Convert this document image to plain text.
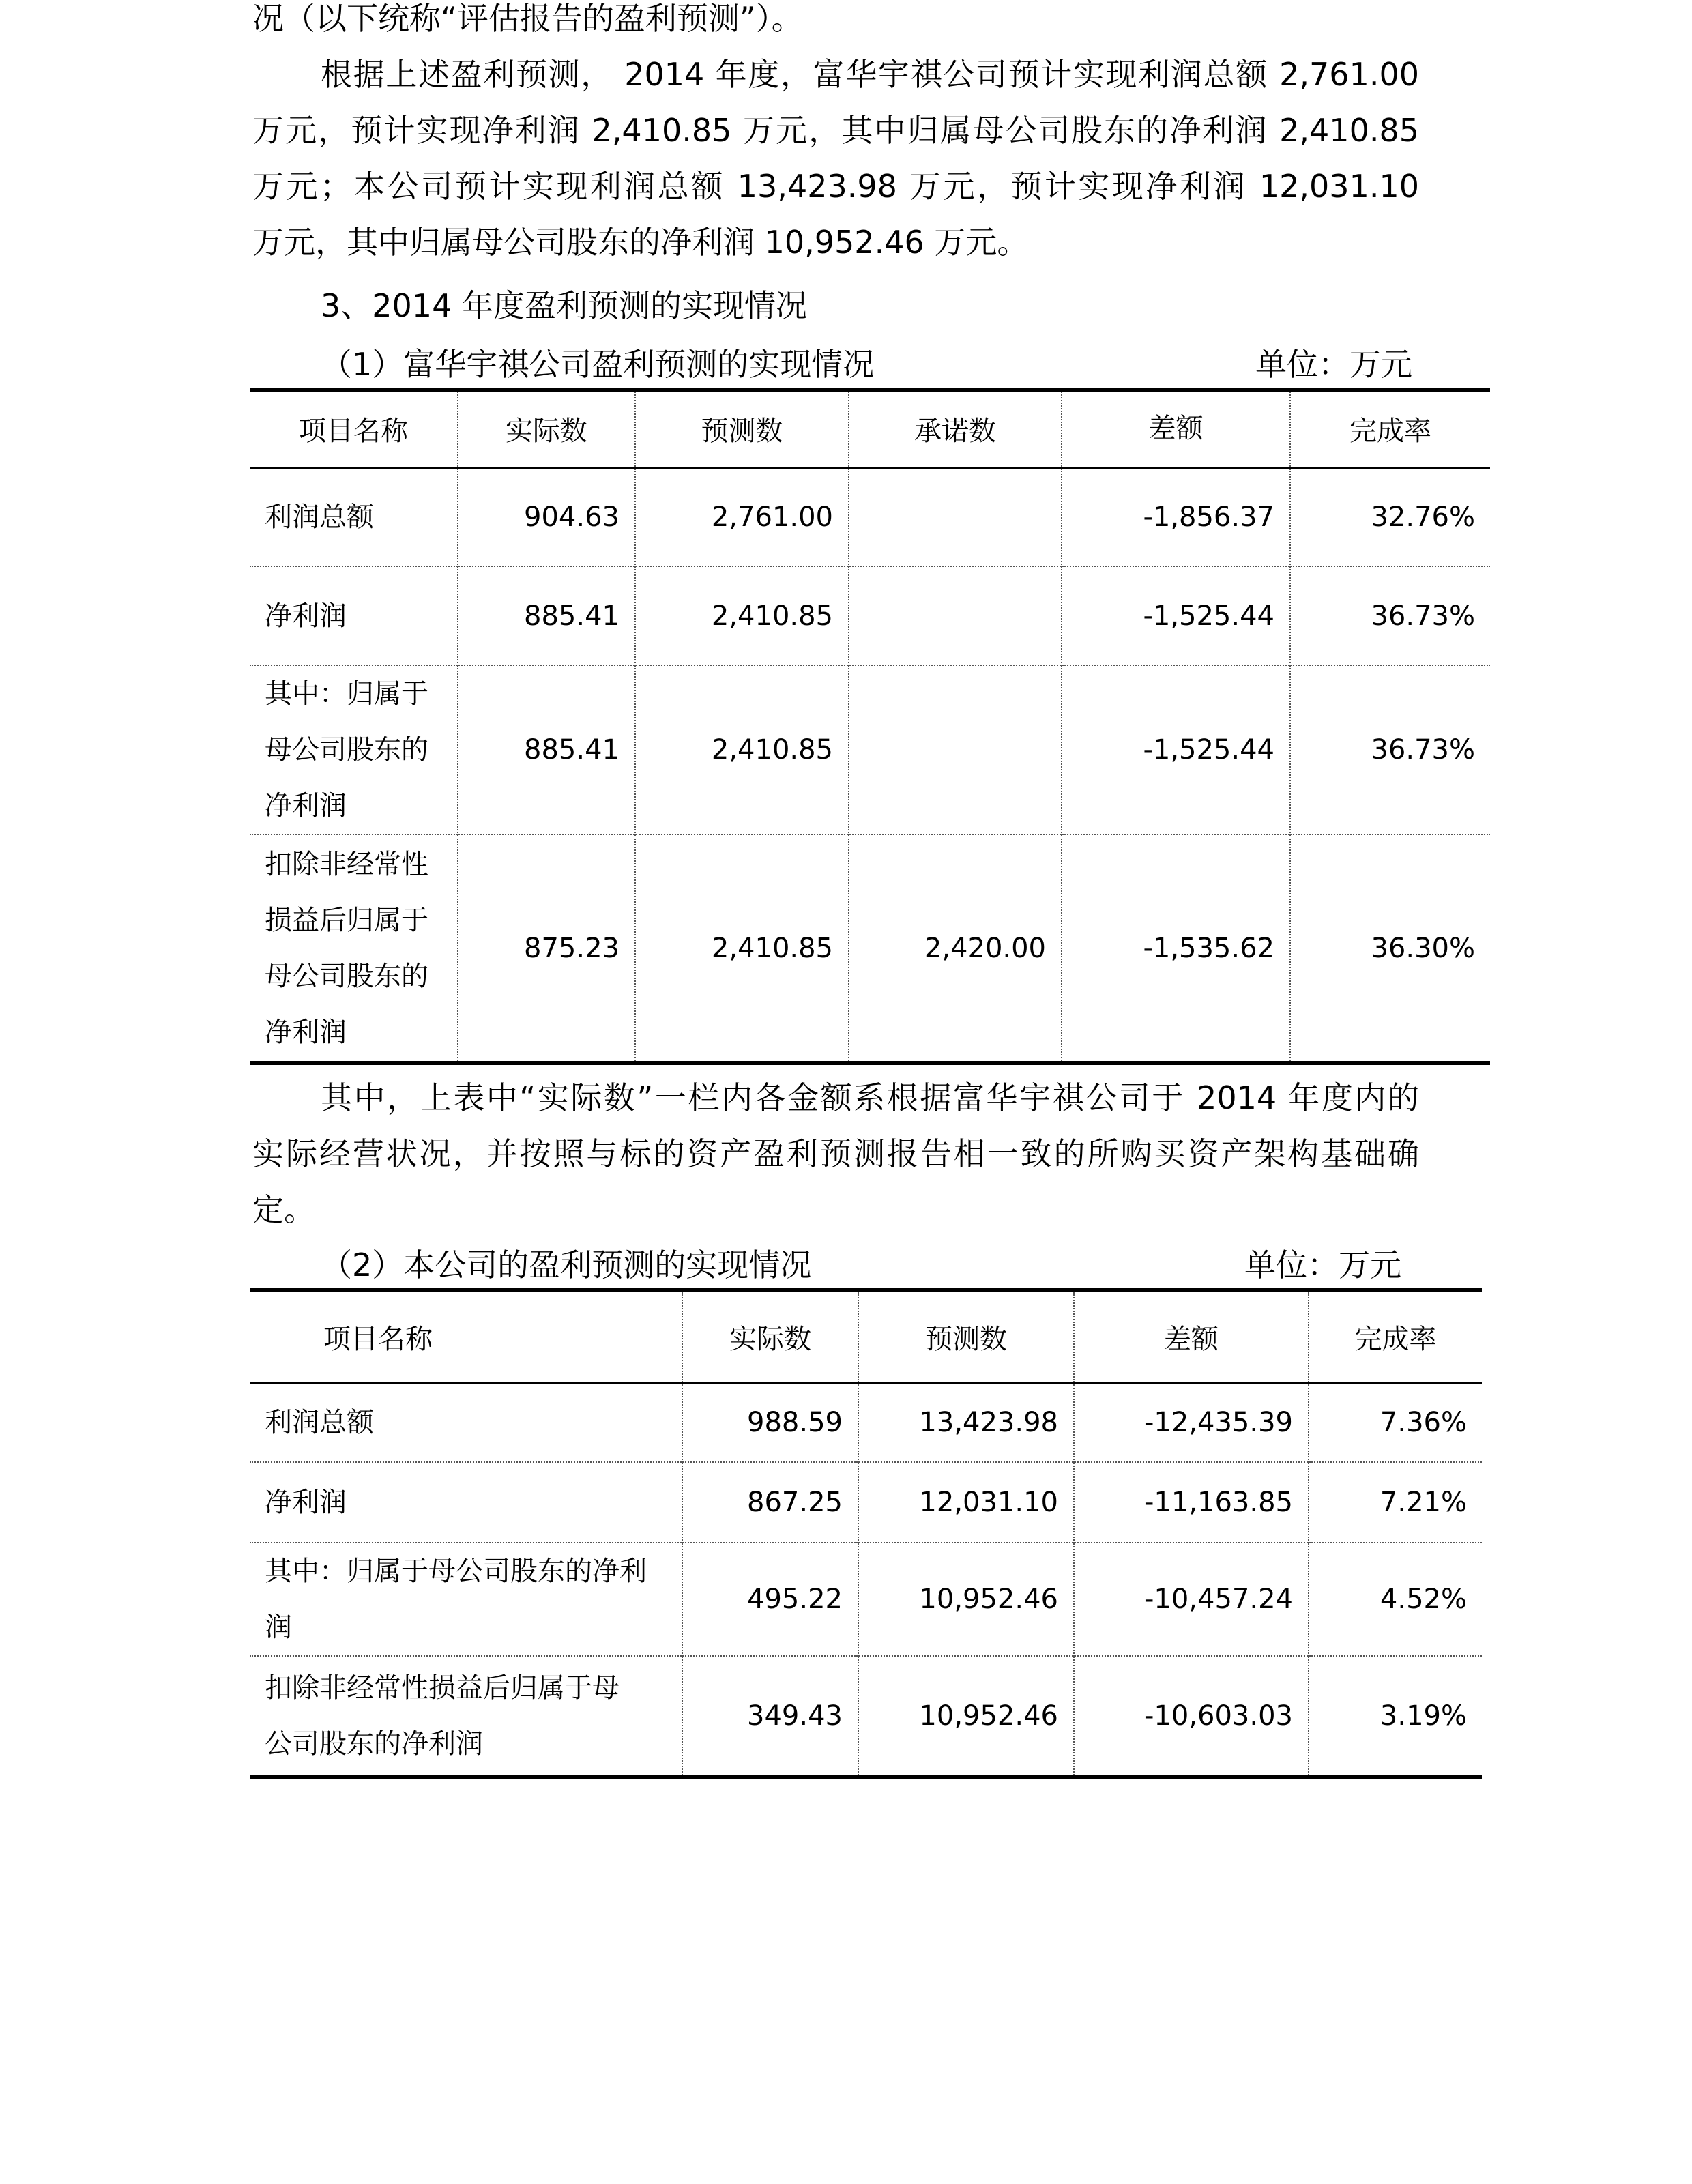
况（以下统称“评估报告的盈利预测”）。
根据上述盈利预测， 2014 年度，富华宇祺公司预计实现利润总额 2,761.00
万元，预计实现净利润 2,410.85 万元，其中归属母公司股东的净利润 2,410.85
万元；本公司预计实现利润总额 13,423.98 万元，预计实现净利润 12,031.10
万元，其中归属母公司股东的净利润 10,952.46 万元。
3、2014 年度盈利预测的实现情况
（1）富华宇祺公司盈利预测的实现情况	单位：万元
项目名称	实际数	预测数	承诺数	差额	完成率
利润总额	904.63	2,761.00		-1,856.37	32.76%
净利润	885.41	2,410.85		-1,525.44	36.73%

其中：归属于
母公司股东的
净利润	885.41	2,410.85		-1,525.44	36.73%

扣除非经常性
损益后归属于
母公司股东的
净利润	875.23	2,410.85	2,420.00	-1,535.62	36.30%
其中，上表中“实际数”一栏内各金额系根据富华宇祺公司于 2014 年度内的
实际经营状况，并按照与标的资产盈利预测报告相一致的所购买资产架构基础确
定。
（2）本公司的盈利预测的实现情况	单位：万元
项目名称	实际数	预测数	差额	完成率
利润总额	988.59	13,423.98	-12,435.39	7.36%
净利润	867.25	12,031.10	-11,163.85	7.21%

其中：归属于母公司股东的净利
润	495.22	10,952.46	-10,457.24	4.52%

扣除非经常性损益后归属于母
公司股东的净利润	349.43	10,952.46	-10,603.03	3.19%
